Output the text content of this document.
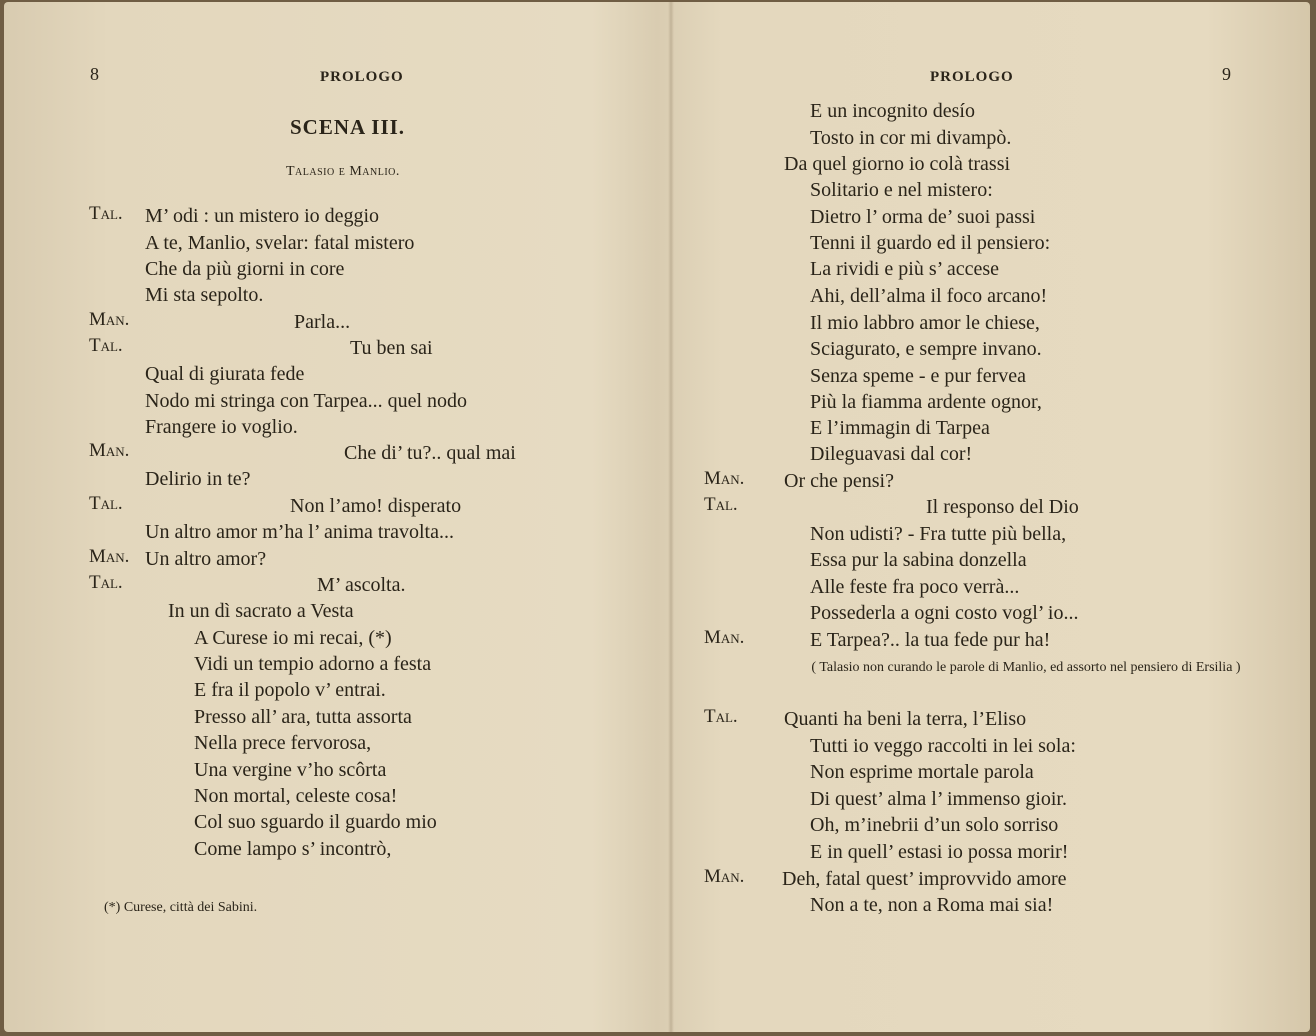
8	PROLOGO
SCENA III.
Talasio e Manlio.
Tal. M’ odi : un mistero io deggio
A te, Manlio, svelar: fatal mistero
Che da più giorni in core
Mi sta sepolto.
Man.	Parla...
Tal.	Tu ben sai
Qual di giurata fede
Nodo mi stringa con Tarpea... quel nodo
Frangere io voglio.
Man.	Che di’ tu?.. qual mai
Delirio in te?
Tal.	Non l’amo! disperato
Un altro amor m’ha l’ anima travolta...
Man. Un altro amor?
Tal.	M’ ascolta.
In un dì sacrato a Vesta
A Curese io mi recai, (*)
Vidi un tempio adorno a festa
E fra il popolo v’ entrai.
Presso all’ ara, tutta assorta
Nella prece fervorosa,
Una vergine v’ho scôrta
Non mortal, celeste cosa!
Col suo sguardo il guardo mio
Come lampo s’ incontrò,
(*) Curese, città dei Sabini.
PROLOGO	9
E un incognito desío
Tosto in cor mi divampò.
Da quel giorno io colà trassi
Solitario e nel mistero:
Dietro l’ orma de’ suoi passi
Tenni il guardo ed il pensiero:
La rividi e più s’ accese
Ahi, dell’alma il foco arcano!
Il mio labbro amor le chiese,
Sciagurato, e sempre invano.
Senza speme - e pur fervea
Più la fiamma ardente ognor,
E l’immagin di Tarpea
Dileguavasi dal cor!
Man. Or che pensi?
Tal.	Il responso del Dio
Non udisti? - Fra tutte più bella,
Essa pur la sabina donzella
Alle feste fra poco verrà...
Possederla a ogni costo vogl’ io...
Man.	E Tarpea?.. la tua fede pur ha!
( Talasio non curando le parole di Manlio, ed assorto nel pensiero di Ersilia )
Tal. Quanti ha beni la terra, l’Eliso
Tutti io veggo raccolti in lei sola:
Non esprime mortale parola
Di quest’ alma l’ immenso gioir.
Oh, m’inebrii d’un solo sorriso
E in quell’ estasi io possa morir!
Man. Deh, fatal quest’ improvvido amore
Non a te, non a Roma mai sia!
